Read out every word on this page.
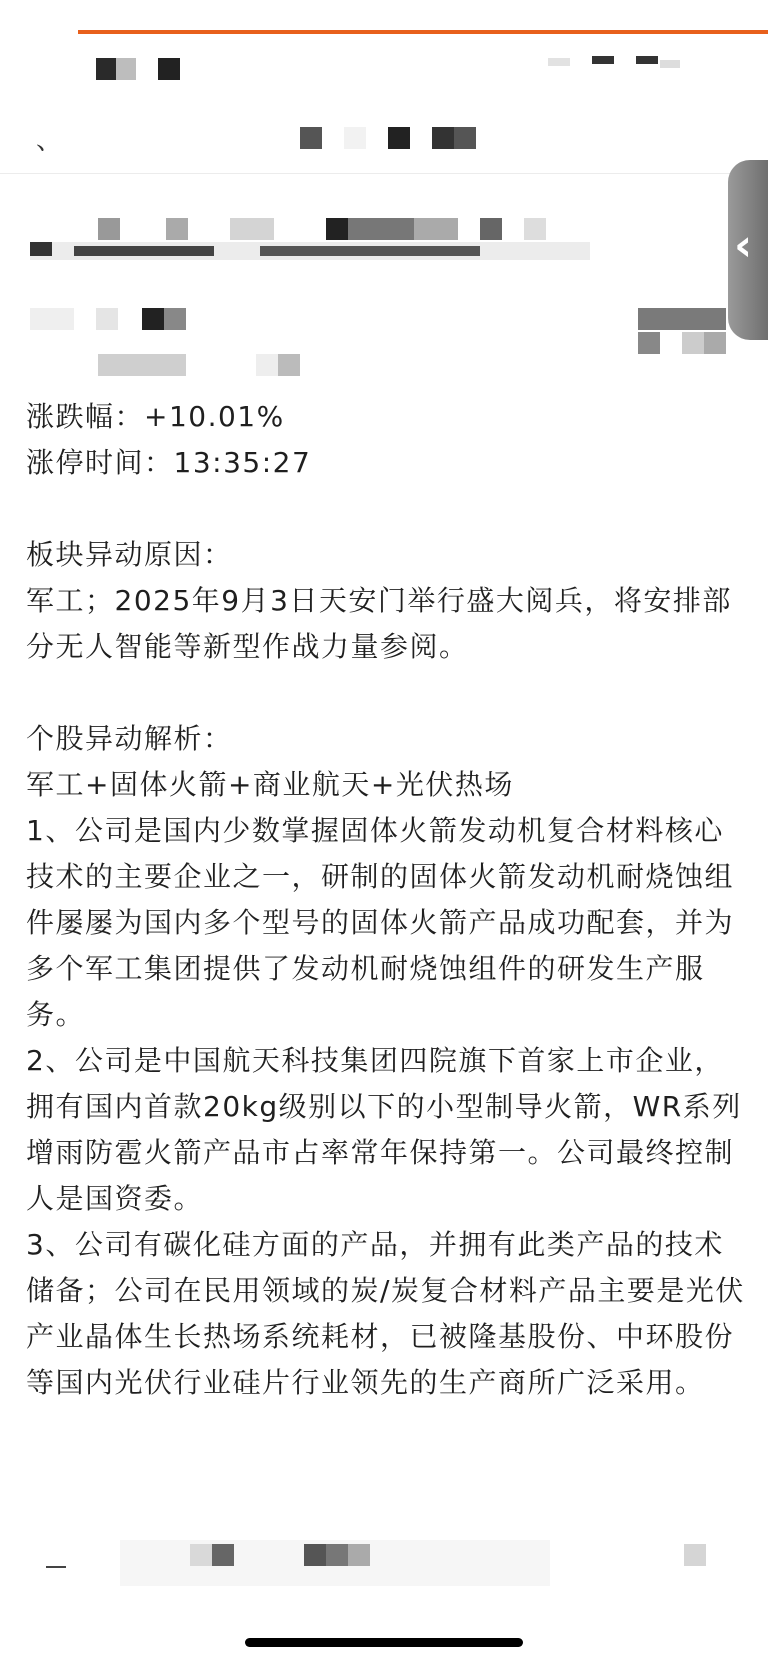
、
‹

涨跌幅：+10.01%

涨停时间：13:35:27

板块异动原因：

军工；2025年9月3日天安门举行盛大阅兵，将安排部分无人智能等新型作战力量参阅。

个股异动解析：

军工+固体火箭+商业航天+光伏热场

1、公司是国内少数掌握固体火箭发动机复合材料核心技术的主要企业之一，研制的固体火箭发动机耐烧蚀组件屡屡为国内多个型号的固体火箭产品成功配套，并为多个军工集团提供了发动机耐烧蚀组件的研发生产服务。

2、公司是中国航天科技集团四院旗下首家上市企业，拥有国内首款20kg级别以下的小型制导火箭，WR系列增雨防雹火箭产品市占率常年保持第一。公司最终控制人是国资委。

3、公司有碳化硅方面的产品，并拥有此类产品的技术储备；公司在民用领域的炭/炭复合材料产品主要是光伏产业晶体生长热场系统耗材，已被隆基股份、中环股份等国内光伏行业硅片行业领先的生产商所广泛采用。
